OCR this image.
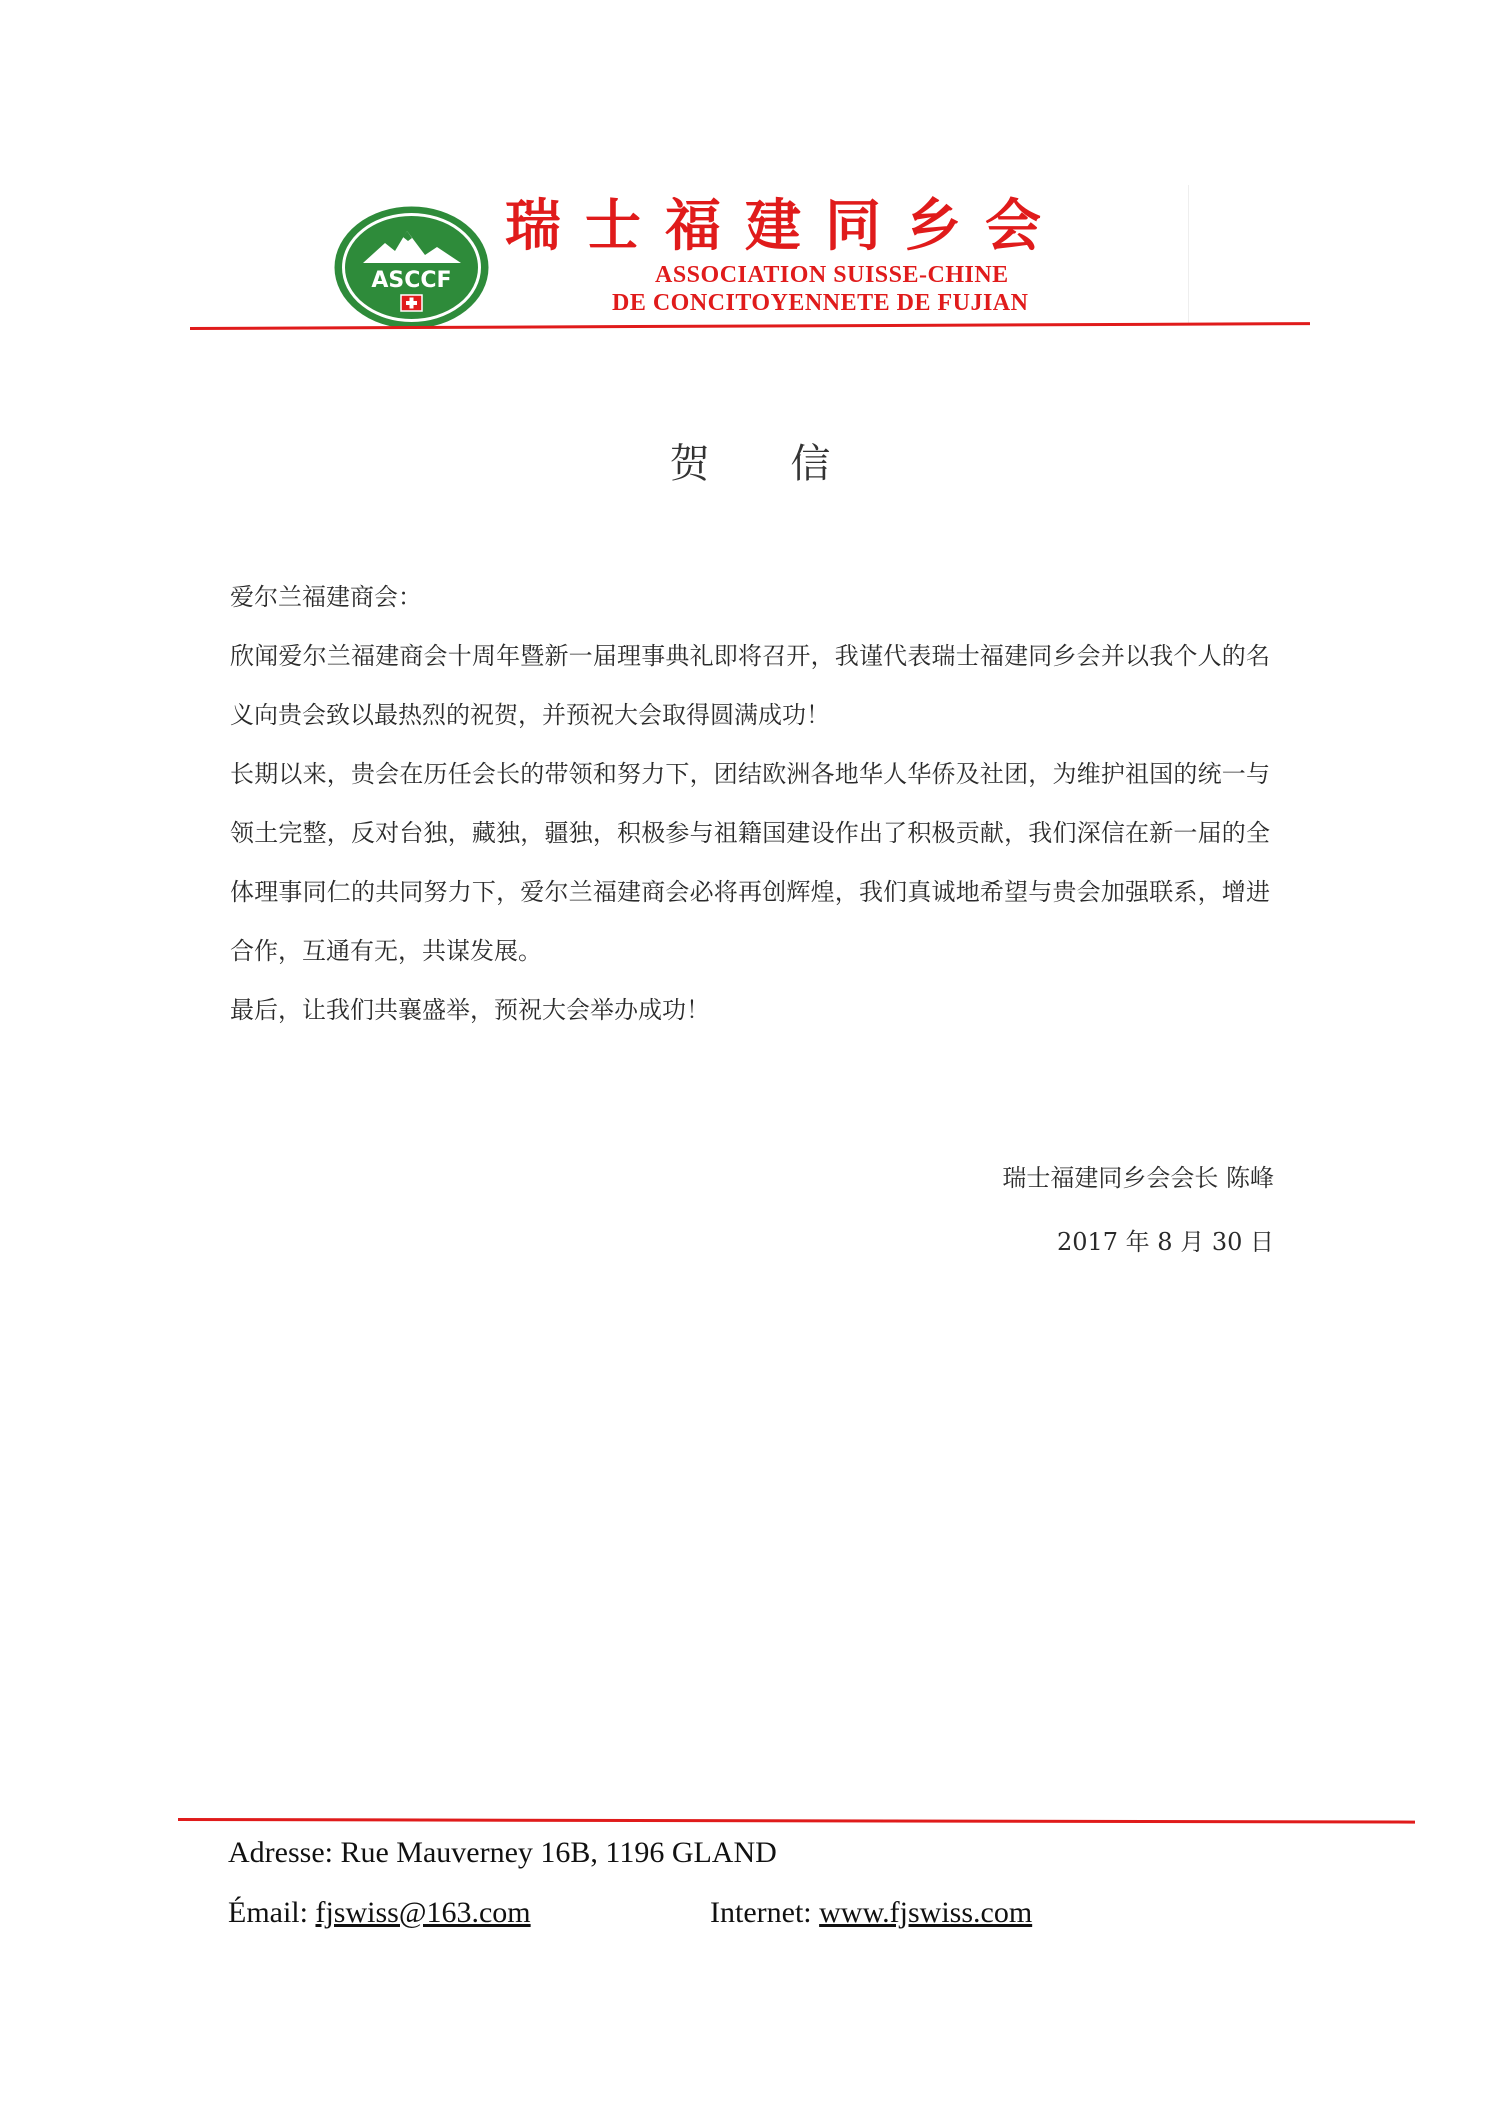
ASCCF
瑞士福建同乡会
ASSOCIATION SUISSE-CHINE
DE CONCITOYENNETE DE FUJIAN
贺 信

爱尔兰福建商会：

欣闻爱尔兰福建商会十周年暨新一届理事典礼即将召开，我谨代表瑞士福建同乡会并以我个人的名义向贵会致以最热烈的祝贺，并预祝大会取得圆满成功！

长期以来，贵会在历任会长的带领和努力下，团结欧洲各地华人华侨及社团，为维护祖国的统一与领土完整，反对台独，藏独，疆独，积极参与祖籍国建设作出了积极贡献，我们深信在新一届的全体理事同仁的共同努力下，爱尔兰福建商会必将再创辉煌，我们真诚地希望与贵会加强联系，增进合作，互通有无，共谋发展。

最后，让我们共襄盛举，预祝大会举办成功！

瑞士福建同乡会会长 陈峰
2017 年 8 月 30 日
Adresse: Rue Mauverney 16B, 1196 GLAND
Émail: fjswiss@163.com	Internet: www.fjswiss.com
